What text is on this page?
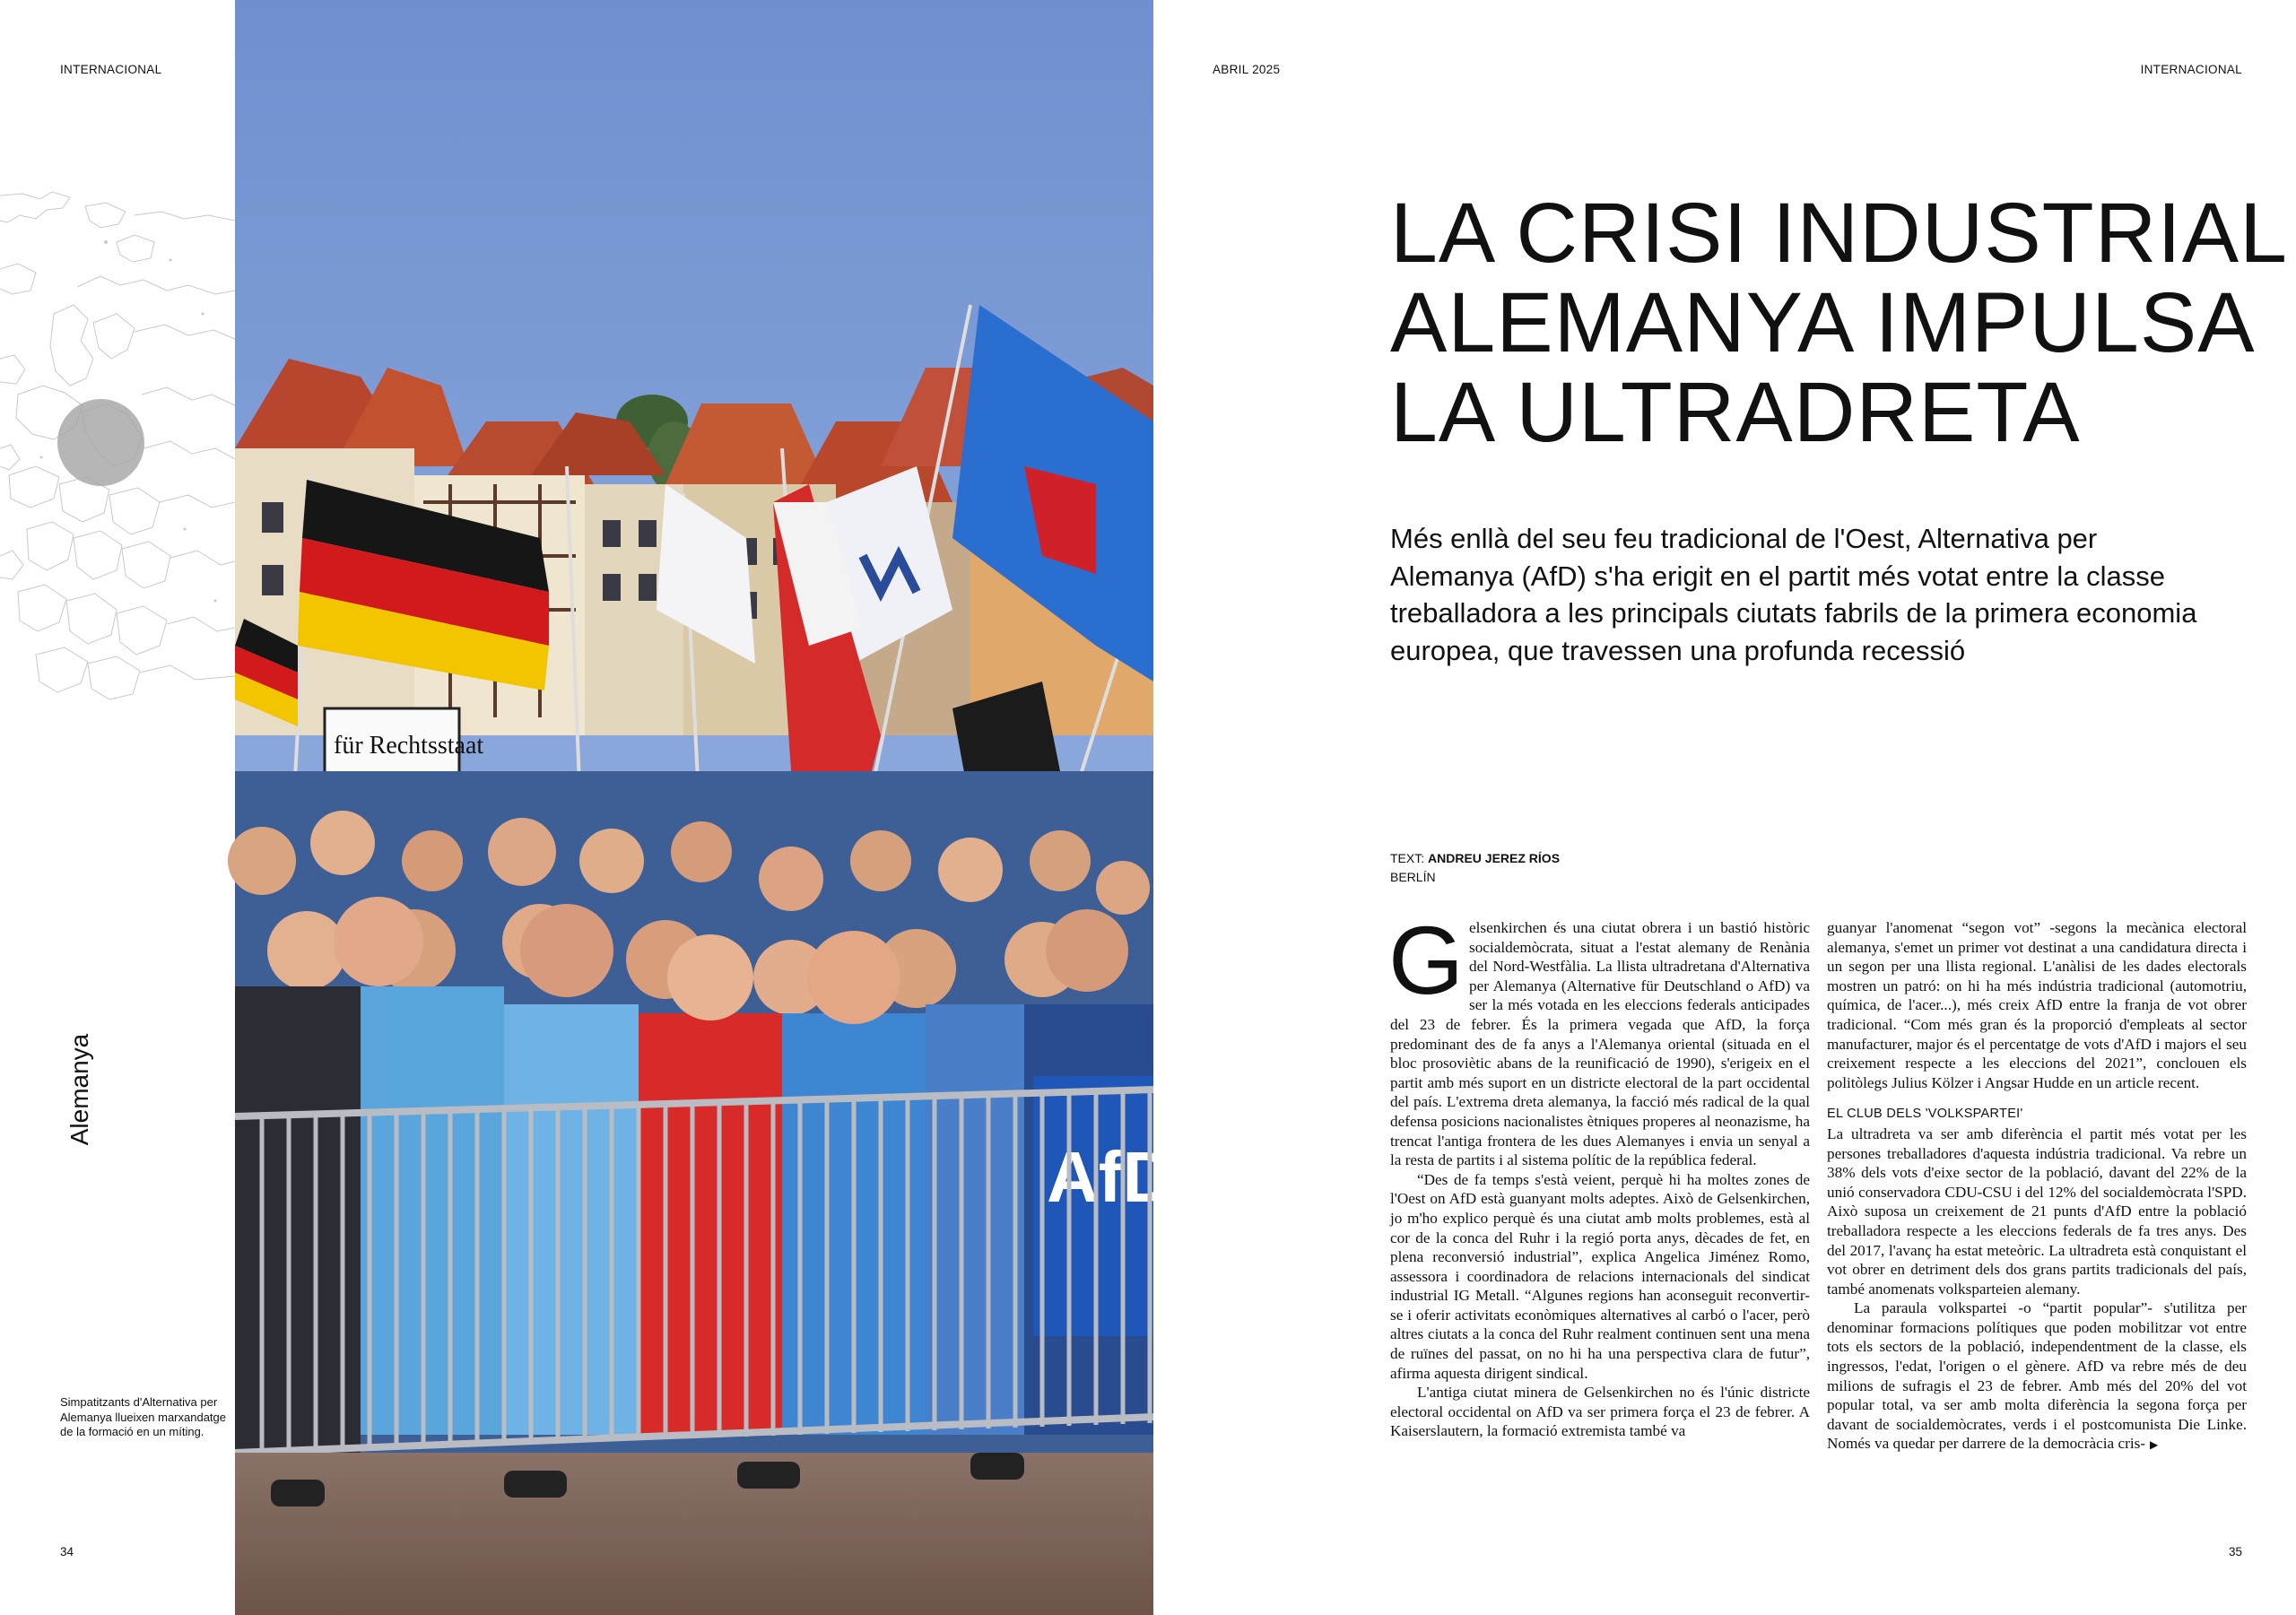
INTERNACIONAL	ABRIL 2025	INTERNACIONAL
Alemanya
Simpatitzants d'Alternativa per Alemanya llueixen marxandatge de la formació en un míting.
für Rechtsstaat
AfD
LA CRISI INDUSTRIAL
ALEMANYA IMPULSA
LA ULTRADRETA

Més enllà del seu feu tradicional de l'Oest, Alternativa per Alemanya (AfD) s'ha erigit en el partit més votat entre la classe treballadora a les principals ciutats fabrils de la primera economia europea, que travessen una profunda recessió

TEXT: ANDREU JEREZ RÍOS
BERLÍN

Gelsenkirchen és una ciutat obrera i un bastió històric socialdemòcrata, situat a l'estat alemany de Renània del Nord-Westfàlia. La llista ultradretana d'Alternativa per Alemanya (Alternative für Deutschland o AfD) va ser la més votada en les eleccions federals anticipades del 23 de febrer. És la primera vegada que AfD, la força predominant des de fa anys a l'Alemanya oriental (situada en el bloc prosoviètic abans de la reunificació de 1990), s'erigeix en el partit amb més suport en un districte electoral de la part occidental del país. L'extrema dreta alemanya, la facció més radical de la qual defensa posicions nacionalistes ètniques properes al neonazisme, ha trencat l'antiga frontera de les dues Alemanyes i envia un senyal a la resta de partits i al sistema polític de la república federal.

“Des de fa temps s'està veient, perquè hi ha moltes zones de l'Oest on AfD està guanyant molts adeptes. Això de Gelsenkirchen, jo m'ho explico perquè és una ciutat amb molts problemes, està al cor de la conca del Ruhr i la regió porta anys, dècades de fet, en plena reconversió industrial”, explica Angelica Jiménez Romo, assessora i coordinadora de relacions internacionals del sindicat industrial IG Metall. “Algunes regions han aconseguit reconvertir-se i oferir activitats econòmiques alternatives al carbó o l'acer, però altres ciutats a la conca del Ruhr realment continuen sent una mena de ruïnes del passat, on no hi ha una perspectiva clara de futur”, afirma aquesta dirigent sindical.

L'antiga ciutat minera de Gelsenkirchen no és l'únic districte electoral occidental on AfD va ser primera força el 23 de febrer. A Kaiserslautern, la formació extremista també va

guanyar l'anomenat “segon vot” -segons la mecànica electoral alemanya, s'emet un primer vot destinat a una candidatura directa i un segon per una llista regional. L'anàlisi de les dades electorals mostren un patró: on hi ha més indústria tradicional (automotriu, química, de l'acer...), més creix AfD entre la franja de vot obrer tradicional. “Com més gran és la proporció d'empleats al sector manufacturer, major és el percentatge de vots d'AfD i majors el seu creixement respecte a les eleccions del 2021”, conclouen els politòlegs Julius Kölzer i Angsar Hudde en un article recent.

EL CLUB DELS 'VOLKSPARTEI'

La ultradreta va ser amb diferència el partit més votat per les persones treballadores d'aquesta indústria tradicional. Va rebre un 38% dels vots d'eixe sector de la població, davant del 22% de la unió conservadora CDU-CSU i del 12% del socialdemòcrata l'SPD. Això suposa un creixement de 21 punts d'AfD entre la població treballadora respecte a les eleccions federals de fa tres anys. Des del 2017, l'avanç ha estat meteòric. La ultradreta està conquistant el vot obrer en detriment dels dos grans partits tradicionals del país, també anomenats volksparteien alemany.

La paraula volkspartei -o “partit popular”- s'utilitza per denominar formacions polítiques que poden mobilitzar vot entre tots els sectors de la població, independentment de la classe, els ingressos, l'edat, l'origen o el gènere. AfD va rebre més de deu milions de sufragis el 23 de febrer. Amb més del 20% del vot popular total, va ser amb molta diferència la segona força per davant de socialdemòcrates, verds i el postcomunista Die Linke. Només va quedar per darrere de la democràcia cris- ▶

34	35
